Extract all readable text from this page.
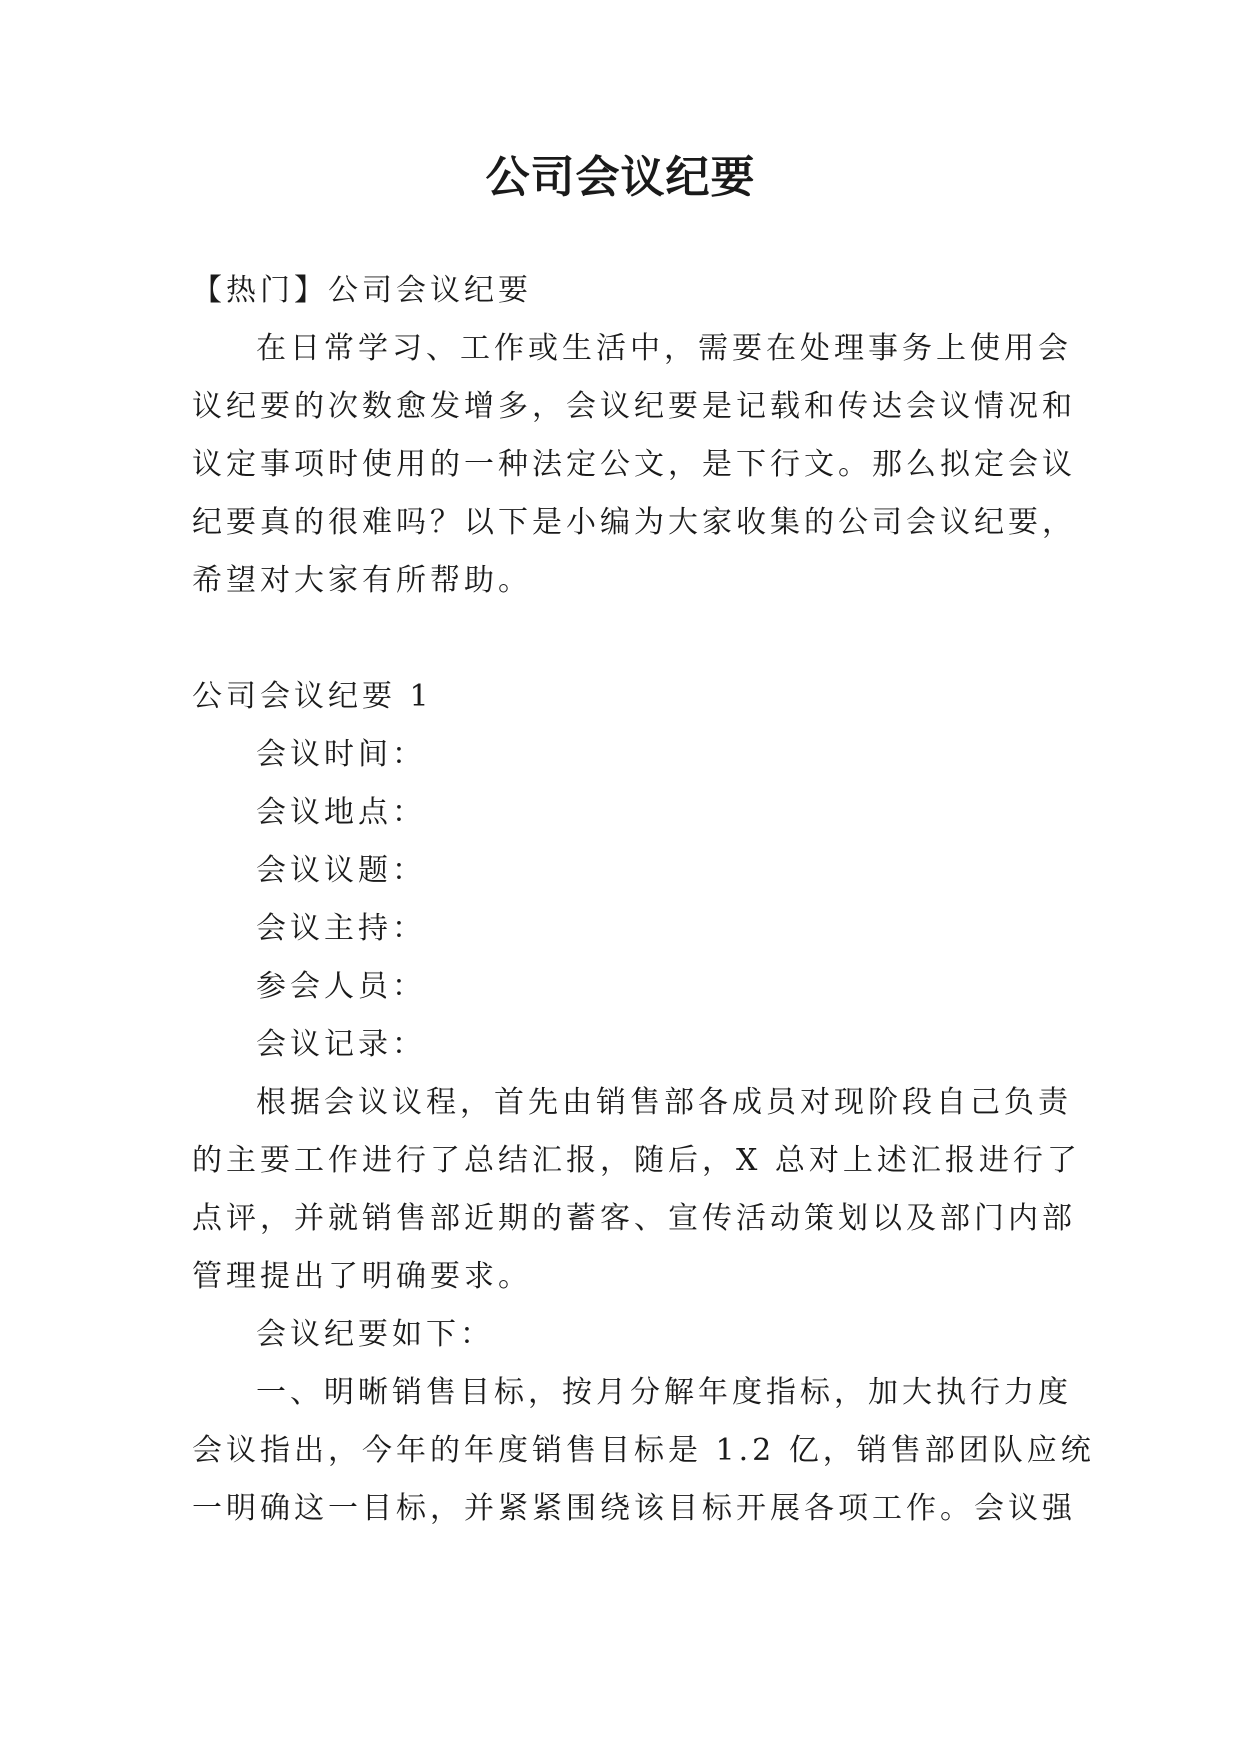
公司会议纪要
【热门】公司会议纪要
在日常学习、工作或生活中，需要在处理事务上使用会
议纪要的次数愈发增多，会议纪要是记载和传达会议情况和
议定事项时使用的一种法定公文，是下行文。那么拟定会议
纪要真的很难吗？以下是小编为大家收集的公司会议纪要，
希望对大家有所帮助。
公司会议纪要 1
会议时间：
会议地点：
会议议题：
会议主持：
参会人员：
会议记录：
根据会议议程，首先由销售部各成员对现阶段自己负责
的主要工作进行了总结汇报，随后，X 总对上述汇报进行了
点评，并就销售部近期的蓄客、宣传活动策划以及部门内部
管理提出了明确要求。
会议纪要如下：
一、明晰销售目标，按月分解年度指标，加大执行力度
会议指出，今年的年度销售目标是 1.2 亿，销售部团队应统
一明确这一目标，并紧紧围绕该目标开展各项工作。会议强
